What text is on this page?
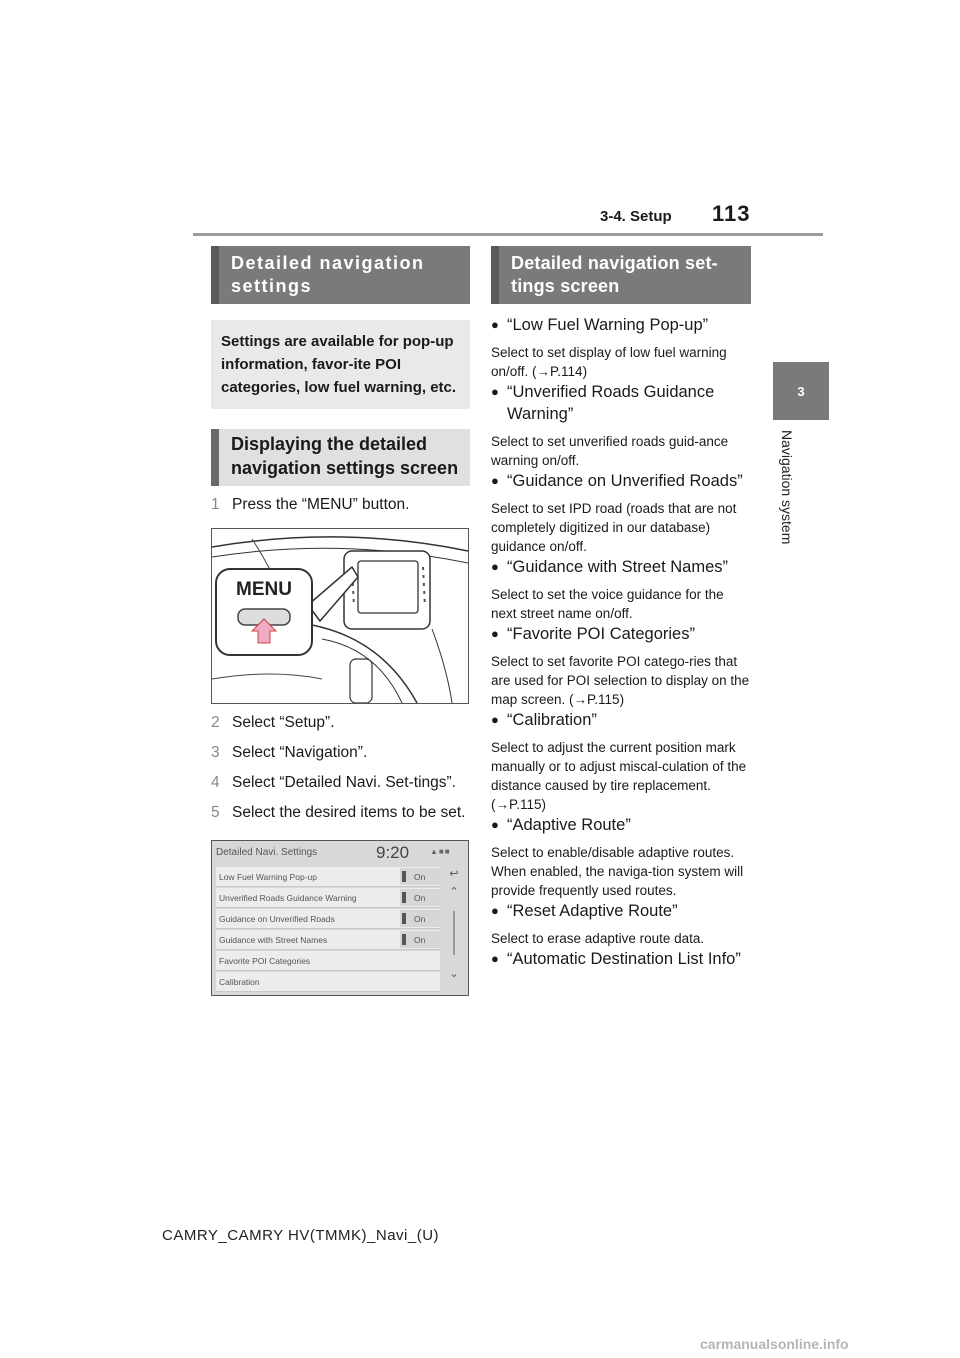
3-4. Setup 113
3
Navigation system
Detailed navigation settings
Settings are available for pop-up information, favor-ite POI categories, low fuel warning, etc.
Displaying the detailed navigation settings screen
1 Press the “MENU” button.
MENU
2 Select “Setup”.
3 Select “Navigation”.
4 Select “Detailed Navi. Set-tings”.
5 Select the desired items to be set.
Detailed Navi. Settings	9:20	▲■■
Low Fuel Warning Pop-up	On
Unverified Roads Guidance Warning	On
Guidance on Unverified Roads	On
Guidance with Street Names	On
Favorite POI Categories
Calibration
↩
⌃
⌄
Detailed navigation set-tings screen
● “Low Fuel Warning Pop-up”
Select to set display of low fuel warning on/off. (→P.114)
● “Unverified Roads Guidance Warning”
Select to set unverified roads guid-ance warning on/off.
● “Guidance on Unverified Roads”
Select to set IPD road (roads that are not completely digitized in our database) guidance on/off.
● “Guidance with Street Names”
Select to set the voice guidance for the next street name on/off.
● “Favorite POI Categories”
Select to set favorite POI catego-ries that are used for POI selection to display on the map screen. (→P.115)
● “Calibration”
Select to adjust the current position mark manually or to adjust miscal-culation of the distance caused by tire replacement. (→P.115)
● “Adaptive Route”
Select to enable/disable adaptive routes. When enabled, the naviga-tion system will provide frequently used routes.
● “Reset Adaptive Route”
Select to erase adaptive route data.
● “Automatic Destination List Info”
CAMRY_CAMRY HV(TMMK)_Navi_(U)
carmanualsonline.info
